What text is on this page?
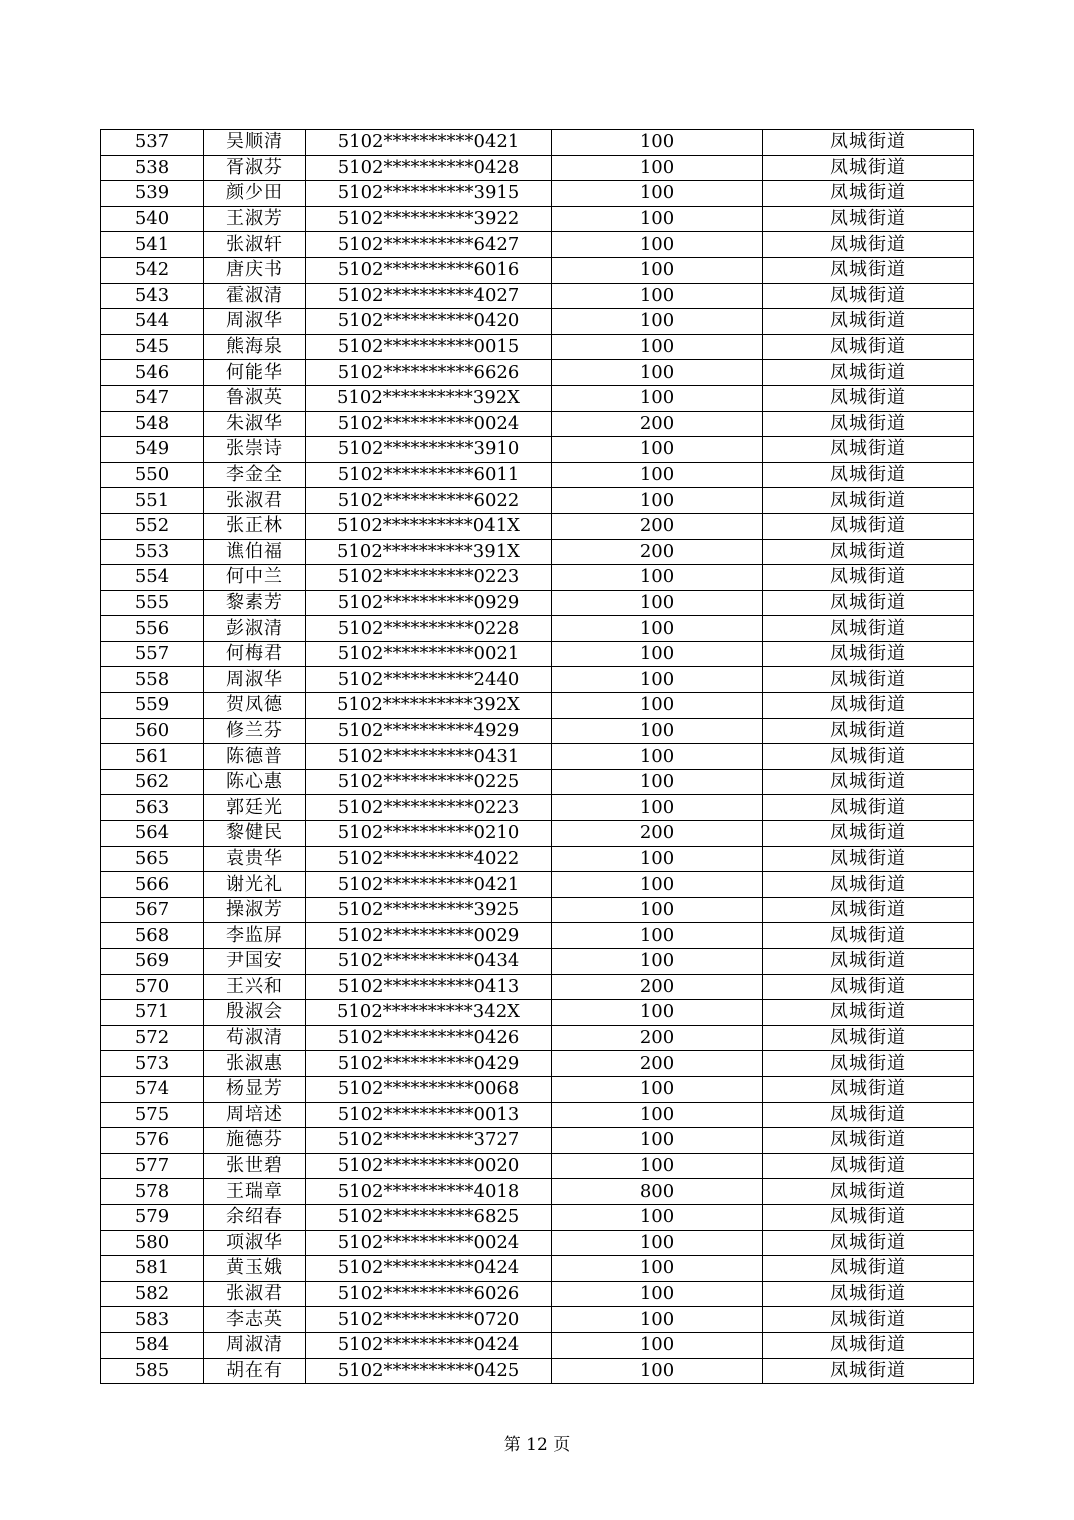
537	吴顺清	5102**********0421	100	凤城街道
538	胥淑芬	5102**********0428	100	凤城街道
539	颜少田	5102**********3915	100	凤城街道
540	王淑芳	5102**********3922	100	凤城街道
541	张淑轩	5102**********6427	100	凤城街道
542	唐庆书	5102**********6016	100	凤城街道
543	霍淑清	5102**********4027	100	凤城街道
544	周淑华	5102**********0420	100	凤城街道
545	熊海泉	5102**********0015	100	凤城街道
546	何能华	5102**********6626	100	凤城街道
547	鲁淑英	5102**********392X	100	凤城街道
548	朱淑华	5102**********0024	200	凤城街道
549	张崇诗	5102**********3910	100	凤城街道
550	李金全	5102**********6011	100	凤城街道
551	张淑君	5102**********6022	100	凤城街道
552	张正林	5102**********041X	200	凤城街道
553	谯伯福	5102**********391X	200	凤城街道
554	何中兰	5102**********0223	100	凤城街道
555	黎素芳	5102**********0929	100	凤城街道
556	彭淑清	5102**********0228	100	凤城街道
557	何梅君	5102**********0021	100	凤城街道
558	周淑华	5102**********2440	100	凤城街道
559	贺凤德	5102**********392X	100	凤城街道
560	修兰芬	5102**********4929	100	凤城街道
561	陈德普	5102**********0431	100	凤城街道
562	陈心惠	5102**********0225	100	凤城街道
563	郭廷光	5102**********0223	100	凤城街道
564	黎健民	5102**********0210	200	凤城街道
565	袁贵华	5102**********4022	100	凤城街道
566	谢光礼	5102**********0421	100	凤城街道
567	操淑芳	5102**********3925	100	凤城街道
568	李监屏	5102**********0029	100	凤城街道
569	尹国安	5102**********0434	100	凤城街道
570	王兴和	5102**********0413	200	凤城街道
571	殷淑会	5102**********342X	100	凤城街道
572	苟淑清	5102**********0426	200	凤城街道
573	张淑惠	5102**********0429	200	凤城街道
574	杨显芳	5102**********0068	100	凤城街道
575	周培述	5102**********0013	100	凤城街道
576	施德芬	5102**********3727	100	凤城街道
577	张世碧	5102**********0020	100	凤城街道
578	王瑞章	5102**********4018	800	凤城街道
579	余绍春	5102**********6825	100	凤城街道
580	项淑华	5102**********0024	100	凤城街道
581	黄玉娥	5102**********0424	100	凤城街道
582	张淑君	5102**********6026	100	凤城街道
583	李志英	5102**********0720	100	凤城街道
584	周淑清	5102**********0424	100	凤城街道
585	胡在有	5102**********0425	100	凤城街道
第 12 页
